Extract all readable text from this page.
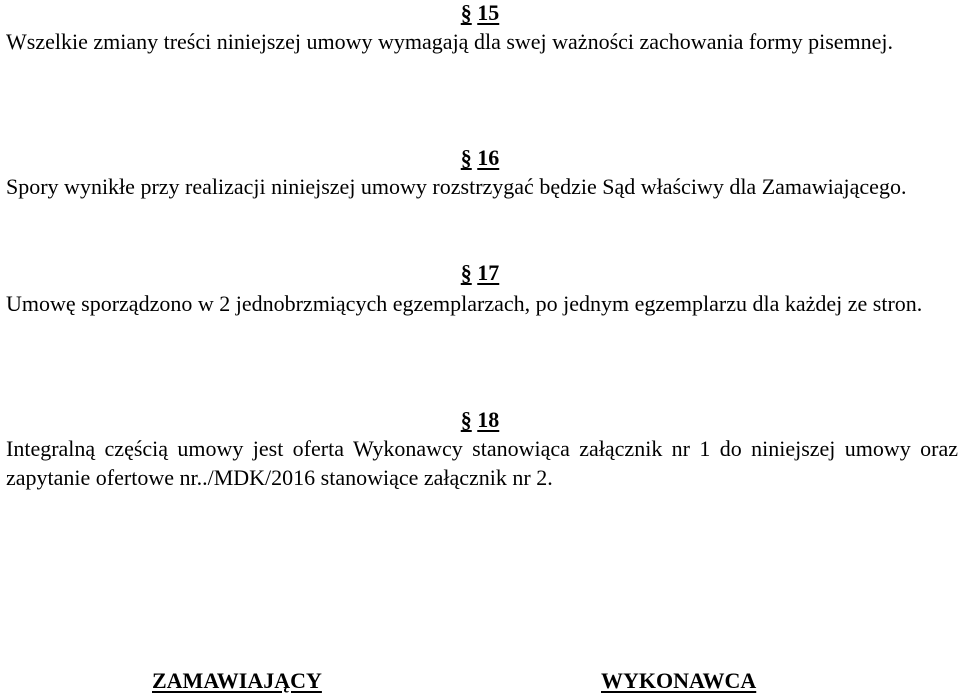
§ 15

Wszelkie zmiany treści niniejszej umowy wymagają dla swej ważności zachowania formy pisemnej.

§ 16

Spory wynikłe przy realizacji niniejszej umowy rozstrzygać będzie Sąd właściwy dla Zamawiającego.

§ 17

Umowę sporządzono w 2 jednobrzmiących egzemplarzach, po jednym egzemplarzu dla każdej ze stron.

§ 18

Integralną częścią umowy jest oferta Wykonawcy stanowiąca załącznik nr 1 do niniejszej umowy oraz zapytanie ofertowe nr../MDK/2016 stanowiące załącznik nr 2.

ZAMAWIAJĄCY	WYKONAWCA
